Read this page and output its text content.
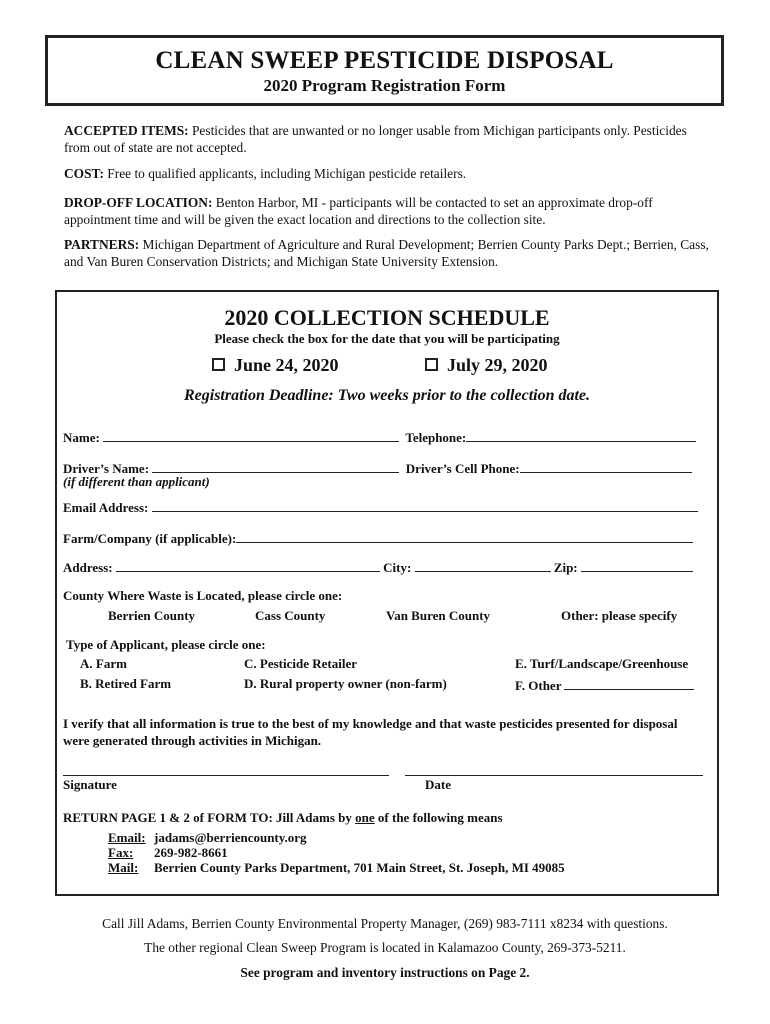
CLEAN SWEEP PESTICIDE DISPOSAL
2020 Program Registration Form
ACCEPTED ITEMS: Pesticides that are unwanted or no longer usable from Michigan participants only. Pesticides from out of state are not accepted.
COST: Free to qualified applicants, including Michigan pesticide retailers.
DROP-OFF LOCATION: Benton Harbor, MI - participants will be contacted to set an approximate drop-off appointment time and will be given the exact location and directions to the collection site.
PARTNERS: Michigan Department of Agriculture and Rural Development; Berrien County Parks Dept.; Berrien, Cass, and Van Buren Conservation Districts; and Michigan State University Extension.
2020 COLLECTION SCHEDULE
Please check the box for the date that you will be participating
June 24, 2020	July 29, 2020
Registration Deadline: Two weeks prior to the collection date.
Name:	Telephone:
Driver’s Name:	Driver’s Cell Phone:
(if different than applicant)
Email Address:
Farm/Company (if applicable):
Address:	City:	Zip:
County Where Waste is Located, please circle one:
Berrien County	Cass County	Van Buren County	Other: please specify
Type of Applicant, please circle one:
A. Farm
B. Retired Farm
C. Pesticide Retailer
D. Rural property owner (non-farm)
E. Turf/Landscape/Greenhouse
F. Other
I verify that all information is true to the best of my knowledge and that waste pesticides presented for disposal were generated through activities in Michigan.
Signature	Date
RETURN PAGE 1 & 2 of FORM TO: Jill Adams by one of the following means
Email: jadams@berriencounty.org
Fax: 269-982-8661
Mail: Berrien County Parks Department, 701 Main Street, St. Joseph, MI 49085
Call Jill Adams, Berrien County Environmental Property Manager, (269) 983-7111 x8234 with questions.
The other regional Clean Sweep Program is located in Kalamazoo County, 269-373-5211.
See program and inventory instructions on Page 2.
